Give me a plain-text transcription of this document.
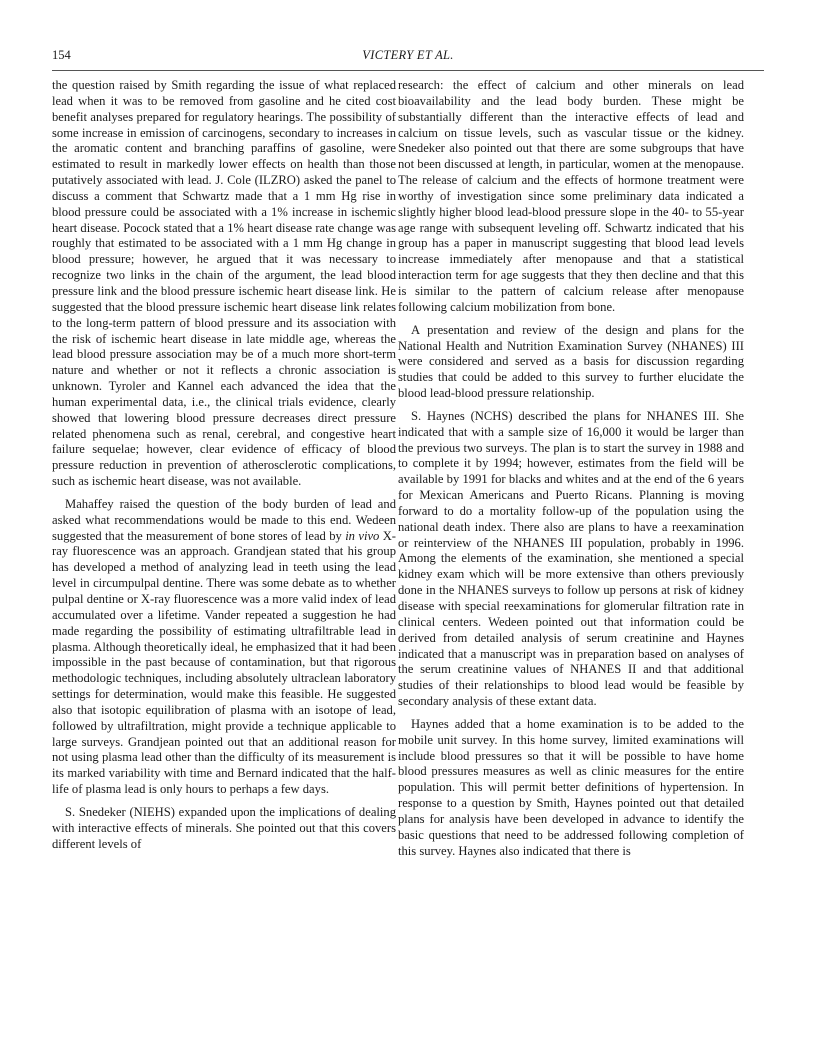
154	VICTERY ET AL.

the question raised by Smith regarding the issue of what replaced lead when it was to be removed from gasoline and he cited cost benefit analyses prepared for regulatory hearings. The possibility of some increase in emission of carcinogens, secondary to increases in the aromatic content and branching paraffins of gasoline, were estimated to result in markedly lower effects on health than those putatively associated with lead. J. Cole (ILZRO) asked the panel to discuss a comment that Schwartz made that a 1 mm Hg rise in blood pressure could be associated with a 1% increase in ischemic heart disease. Pocock stated that a 1% heart disease rate change was roughly that estimated to be associated with a 1 mm Hg change in blood pressure; however, he argued that it was necessary to recognize two links in the chain of the argument, the lead blood pressure link and the blood pressure ischemic heart disease link. He suggested that the blood pressure ischemic heart disease link relates to the long-term pattern of blood pressure and its association with the risk of ischemic heart disease in late middle age, whereas the lead blood pressure association may be of a much more short-term nature and whether or not it reflects a chronic association is unknown. Tyroler and Kannel each advanced the idea that the human experimental data, i.e., the clinical trials evidence, clearly showed that lowering blood pressure decreases direct pressure related phenomena such as renal, cerebral, and congestive heart failure sequelae; however, clear evidence of efficacy of blood pressure reduction in prevention of atherosclerotic complications, such as ischemic heart disease, was not available.

Mahaffey raised the question of the body burden of lead and asked what recommendations would be made to this end. Wedeen suggested that the measurement of bone stores of lead by in vivo X-ray fluorescence was an approach. Grandjean stated that his group has developed a method of analyzing lead in teeth using the lead level in circumpulpal dentine. There was some debate as to whether pulpal dentine or X-ray fluorescence was a more valid index of lead accumulated over a lifetime. Vander repeated a suggestion he had made regarding the possibility of estimating ultrafiltrable lead in plasma. Although theoretically ideal, he emphasized that it had been impossible in the past because of contamination, but that rigorous methodologic techniques, including absolutely ultraclean laboratory settings for determination, would make this feasible. He suggested also that isotopic equilibration of plasma with an isotope of lead, followed by ultrafiltration, might provide a technique applicable to large surveys. Grandjean pointed out that an additional reason for not using plasma lead other than the difficulty of its measurement is its marked variability with time and Bernard indicated that the half-life of plasma lead is only hours to perhaps a few days.

S. Snedeker (NIEHS) expanded upon the implications of dealing with interactive effects of minerals. She pointed out that this covers different levels of

research: the effect of calcium and other minerals on lead bioavailability and the lead body burden. These might be substantially different than the interactive effects of lead and calcium on tissue levels, such as vascular tissue or the kidney. Snedeker also pointed out that there are some subgroups that have not been discussed at length, in particular, women at the menopause. The release of calcium and the effects of hormone treatment were worthy of investigation since some preliminary data indicated a slightly higher blood lead-blood pressure slope in the 40- to 55-year age range with subsequent leveling off. Schwartz indicated that his group has a paper in manuscript suggesting that blood lead levels increase immediately after menopause and that a statistical interaction term for age suggests that they then decline and that this is similar to the pattern of calcium release after menopause following calcium mobilization from bone.

A presentation and review of the design and plans for the National Health and Nutrition Examination Survey (NHANES) III were considered and served as a basis for discussion regarding studies that could be added to this survey to further elucidate the blood lead-blood pressure relationship.

S. Haynes (NCHS) described the plans for NHANES III. She indicated that with a sample size of 16,000 it would be larger than the previous two surveys. The plan is to start the survey in 1988 and to complete it by 1994; however, estimates from the field will be available by 1991 for blacks and whites and at the end of the 6 years for Mexican Americans and Puerto Ricans. Planning is moving forward to do a mortality follow-up of the population using the national death index. There also are plans to have a reexamination or reinterview of the NHANES III population, probably in 1996. Among the elements of the examination, she mentioned a special kidney exam which will be more extensive than others previously done in the NHANES surveys to follow up persons at risk of kidney disease with special reexaminations for glomerular filtration rate in clinical centers. Wedeen pointed out that information could be derived from detailed analysis of serum creatinine and Haynes indicated that a manuscript was in preparation based on analyses of the serum creatinine values of NHANES II and that additional studies of their relationships to blood lead would be feasible by secondary analysis of these extant data.

Haynes added that a home examination is to be added to the mobile unit survey. In this home survey, limited examinations will include blood pressures so that it will be possible to have home blood pressures measures as well as clinic measures for the entire population. This will permit better definitions of hypertension. In response to a question by Smith, Haynes pointed out that detailed plans for analysis have been developed in advance to identify the basic questions that need to be addressed following completion of this survey. Haynes also indicated that there is
